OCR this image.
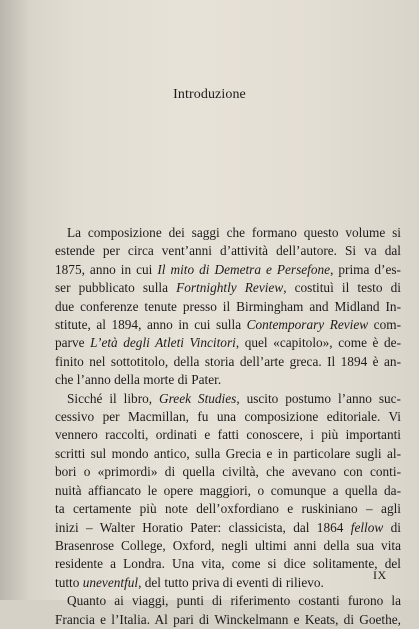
Introduzione
La composizione dei saggi che formano questo volume si
estende per circa vent’anni d’attività dell’autore. Si va dal
1875, anno in cui Il mito di Demetra e Persefone, prima d’es-
ser pubblicato sulla Fortnightly Review, costituì il testo di
due conferenze tenute presso il Birmingham and Midland In-
stitute, al 1894, anno in cui sulla Contemporary Review com-
parve L’età degli Atleti Vincitori, quel «capitolo», come è de-
finito nel sottotitolo, della storia dell’arte greca. Il 1894 è an-
che l’anno della morte di Pater.
Sicché il libro, Greek Studies, uscito postumo l’anno suc-
cessivo per Macmillan, fu una composizione editoriale. Vi
vennero raccolti, ordinati e fatti conoscere, i più importanti
scritti sul mondo antico, sulla Grecia e in particolare sugli al-
bori o «primordi» di quella civiltà, che avevano con conti-
nuità affiancato le opere maggiori, o comunque a quella da-
ta certamente più note dell’oxfordiano e ruskiniano – agli
inizi – Walter Horatio Pater: classicista, dal 1864 fellow di
Brasenrose College, Oxford, negli ultimi anni della sua vita
residente a Londra. Una vita, come si dice solitamente, del
tutto uneventful, del tutto priva di eventi di rilievo.
Quanto ai viaggi, punti di riferimento costanti furono la
Francia e l’Italia. Al pari di Winckelmann e Keats, di Goethe,
IX
